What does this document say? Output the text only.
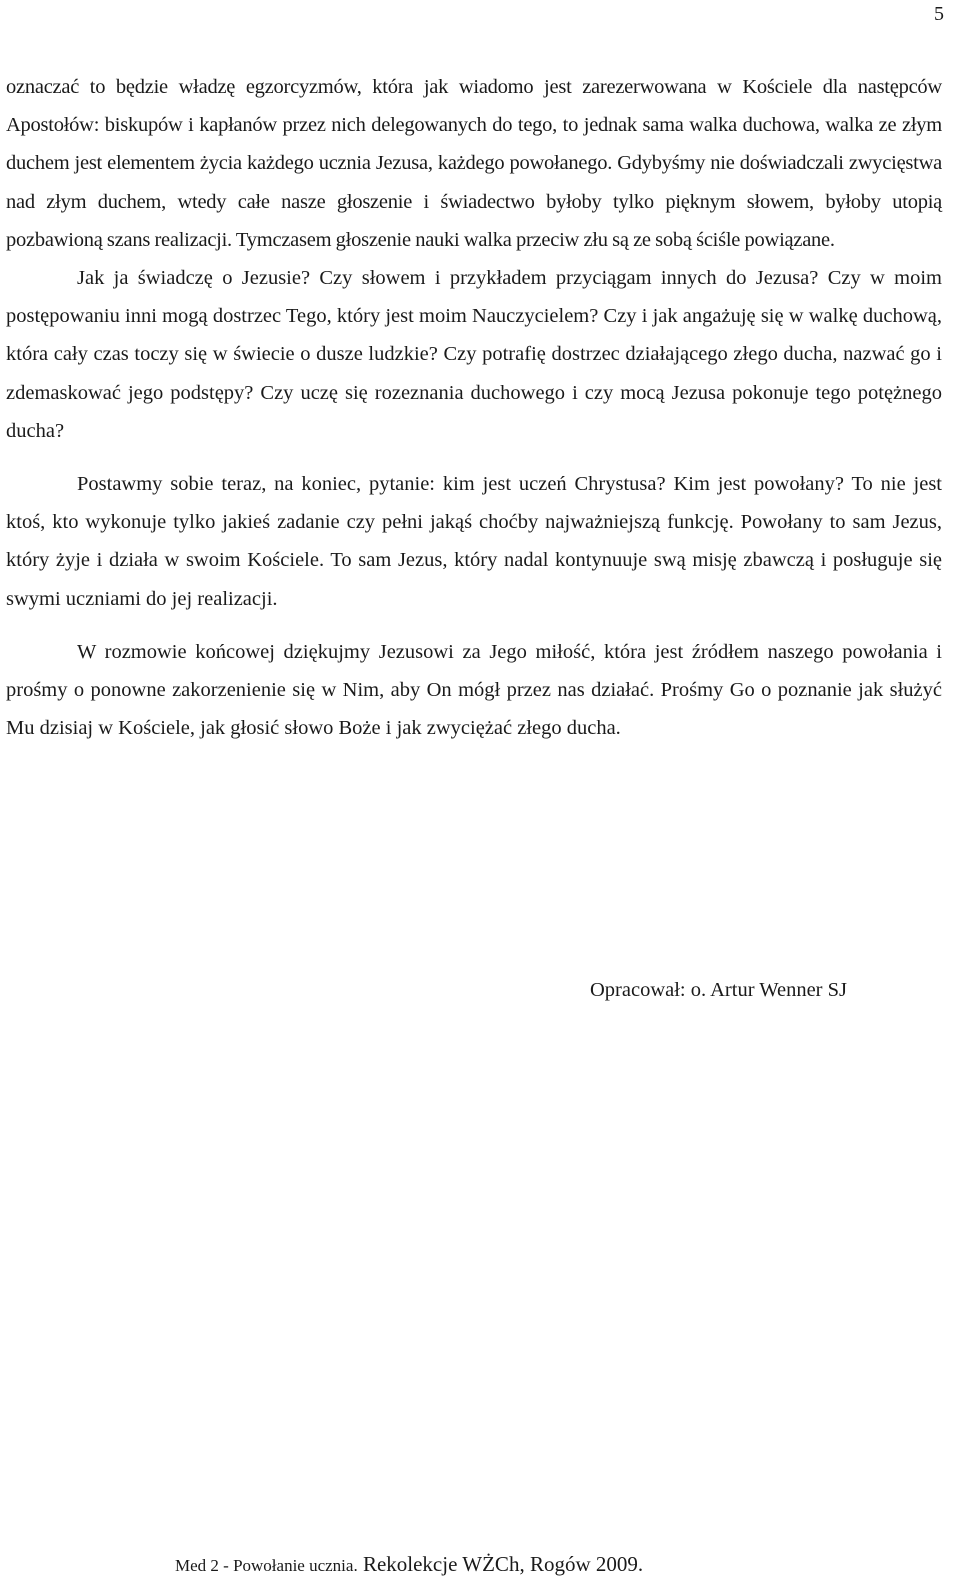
5

oznaczać to będzie władzę egzorcyzmów, która jak wiadomo jest zarezerwowana w Kościele dla następców Apostołów: biskupów i kapłanów przez nich delegowanych do tego, to jednak sama walka duchowa, walka ze złym duchem jest elementem życia każdego ucznia Jezusa, każdego powołanego. Gdybyśmy nie doświadczali zwycięstwa nad złym duchem, wtedy całe nasze głoszenie i świadectwo byłoby tylko pięknym słowem, byłoby utopią pozbawioną szans realizacji. Tymczasem głoszenie nauki walka przeciw złu są ze sobą ściśle powiązane.

Jak ja świadczę o Jezusie? Czy słowem i przykładem przyciągam innych do Jezusa? Czy w moim postępowaniu inni mogą dostrzec Tego, który jest moim Nauczycielem? Czy i jak angażuję się w walkę duchową, która cały czas toczy się w świecie o dusze ludzkie? Czy potrafię dostrzec działającego złego ducha, nazwać go i zdemaskować jego podstępy? Czy uczę się rozeznania duchowego i czy mocą Jezusa pokonuje tego potężnego ducha?

Postawmy sobie teraz, na koniec, pytanie: kim jest uczeń Chrystusa? Kim jest powołany? To nie jest ktoś, kto wykonuje tylko jakieś zadanie czy pełni jakąś choćby najważniejszą funkcję. Powołany to sam Jezus, który żyje i działa w swoim Kościele. To sam Jezus, który nadal kontynuuje swą misję zbawczą i posługuje się swymi uczniami do jej realizacji.

W rozmowie końcowej dziękujmy Jezusowi za Jego miłość, która jest źródłem naszego powołania i prośmy o ponowne zakorzenienie się w Nim, aby On mógł przez nas działać. Prośmy Go o poznanie jak służyć Mu dzisiaj w Kościele, jak głosić słowo Boże i jak zwyciężać złego ducha.

Opracował: o. Artur Wenner SJ
Med 2 - Powołanie ucznia. Rekolekcje WŻCh, Rogów 2009.
